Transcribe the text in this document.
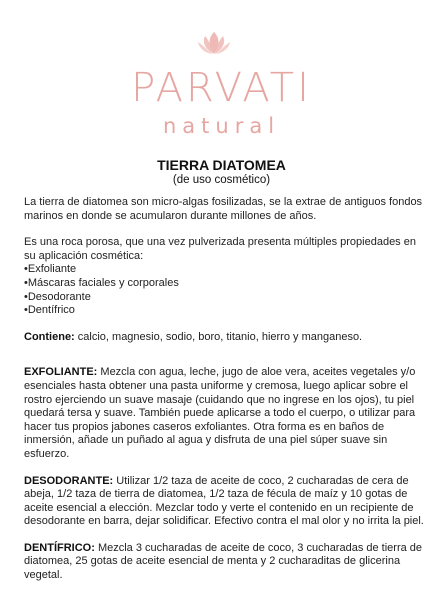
PARVATI
natural
TIERRA DIATOMEA
(de uso cosmético)

La tierra de diatomea son micro-algas fosilizadas, se la extrae de antiguos fondos marinos en donde se acumularon durante millones de años.

Es una roca porosa, que una vez pulverizada presenta múltiples propiedades en su aplicación cosmética:

•Exfoliante
•Máscaras faciales y corporales
•Desodorante
•Dentífrico

Contiene: calcio, magnesio, sodio, boro, titanio, hierro y manganeso.

EXFOLIANTE: Mezcla con agua, leche, jugo de aloe vera, aceites vegetales y/o esenciales hasta obtener una pasta uniforme y cremosa, luego aplicar sobre el rostro ejerciendo un suave masaje (cuidando que no ingrese en los ojos), tu piel quedará tersa y suave. También puede aplicarse a todo el cuerpo, o utilizar para hacer tus propios jabones caseros exfoliantes. Otra forma es en baños de inmersión, añade un puñado al agua y disfruta de una piel súper suave sin esfuerzo.

DESODORANTE: Utilizar 1/2 taza de aceite de coco, 2 cucharadas de cera de abeja, 1/2 taza de tierra de diatomea, 1/2 taza de fécula de maíz y 10 gotas de aceite esencial a elección. Mezclar todo y verte el contenido en un recipiente de desodorante en barra, dejar solidificar. Efectivo contra el mal olor y no irrita la piel.

DENTÍFRICO: Mezcla 3 cucharadas de aceite de coco, 3 cucharadas de tierra de diatomea, 25 gotas de aceite esencial de menta y 2 cucharaditas de glicerina vegetal.
